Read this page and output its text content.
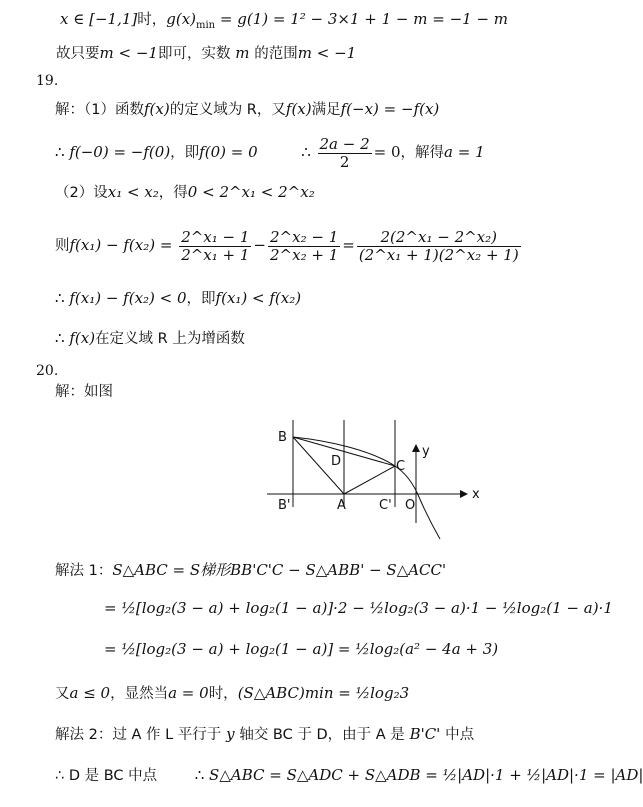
x ∈ [−1,1]时，$g(x)_{min} = g(1) = 1^2 - 3\times 1 + 1 - m = -1 - m$
故只要m < −1即可，实数 m 的范围m < −1
19.
解：（1）函数f(x)的定义域为 R，又f(x)满足f(−x) = −f(x)
∴ f(−0) = −f(0)，即f(0) = 0	∴ $\frac{2a - 2}{2} = 0$，解得a = 1
（2）设x₁ < x₂，得0 < 2^x₁ < 2^x₂
则$f(x_1) - f(x_2) = \frac{\text{2\textasciicircum{}x₁ − 1}}{\text{2\textasciicircum{}x₁ + 1}} - \frac{\text{2\textasciicircum{}x₂ − 1}}{\text{2\textasciicircum{}x₂ + 1}} = \frac{\text{2(2\textasciicircum{}x₁ − 2\textasciicircum{}x₂)}}{\text{(2\textasciicircum{}x₁ + 1)(2\textasciicircum{}x₂ + 1)}}$
∴ f(x₁) − f(x₂) < 0，即f(x₁) < f(x₂)
∴ f(x)在定义域 R 上为增函数
20.
解：如图
B
D	C
y
x
B'	A	C' O
解法 1：S△ABC = S梯形BB'C'C − S△ABB' − S△ACC'
= ½[log₂(3 − a) + log₂(1 − a)]·2 − ½log₂(3 − a)·1 − ½log₂(1 − a)·1
= ½[log₂(3 − a) + log₂(1 − a)] = ½log₂(a² − 4a + 3)
又a ≤ 0，显然当a = 0时，(S△ABC)min = ½log₂3
解法 2：过 A 作 L 平行于 y 轴交 BC 于 D，由于 A 是 B'C' 中点
∴ D 是 BC 中点	∴ S△ABC = S△ADC + S△ADB = ½|AD|·1 + ½|AD|·1 = |AD|
